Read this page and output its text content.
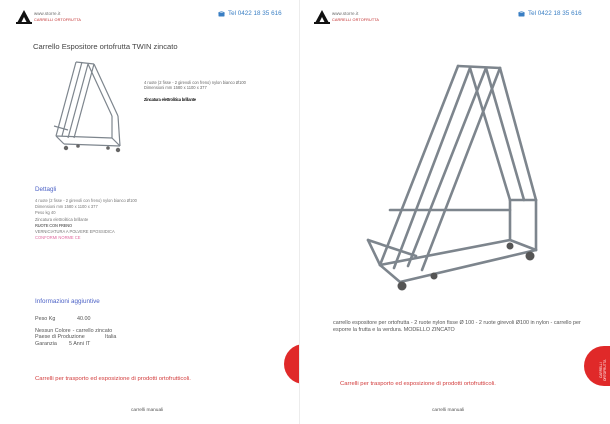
www.storre.it
CARRELLI ORTOFRUTTA
Tel 0422 18 35 616
Carrello Espositore ortofrutta TWIN zincato
4 ruote (2 fisse - 2 girevoli con freno) nylon bianco Ø100
Dimensioni mm 1580 x 1100 x 377
Zincatura elettrolitica brillante
Dettagli
4 ruote (2 fisse - 2 girevoli con freno) nylon bianco Ø100
Dimensioni mm 1580 x 1100 x 377
Peso kg 40
Zincatura elettrolitica brillante
RUOTE CON FRENO
VERNICIATURA A POLVERE EPOSSIDICA
CONFORMI NORME CE
Informazioni aggiuntive
Peso Kg	40.00
Nessun Colore - carrello zincato
Paese di Produzione	Italia
Garanzia	5 Anni IT
Carrelli per trasporto ed esposizione di prodotti ortofrutticoli.
carrelli manuali
www.storre.it
CARRELLI ORTOFRUTTA
Tel 0422 18 35 616
carrello espositore per ortofrutta - 2 ruote nylon fisse Ø 100 - 2 ruote girevoli Ø100 in nylon - carrello per esporre la frutta e la verdura. MODELLO ZINCATO
Carrelli per trasporto ed esposizione di prodotti ortofrutticoli.
carrelli manuali
CARRELLI ORTOFRUTTA
